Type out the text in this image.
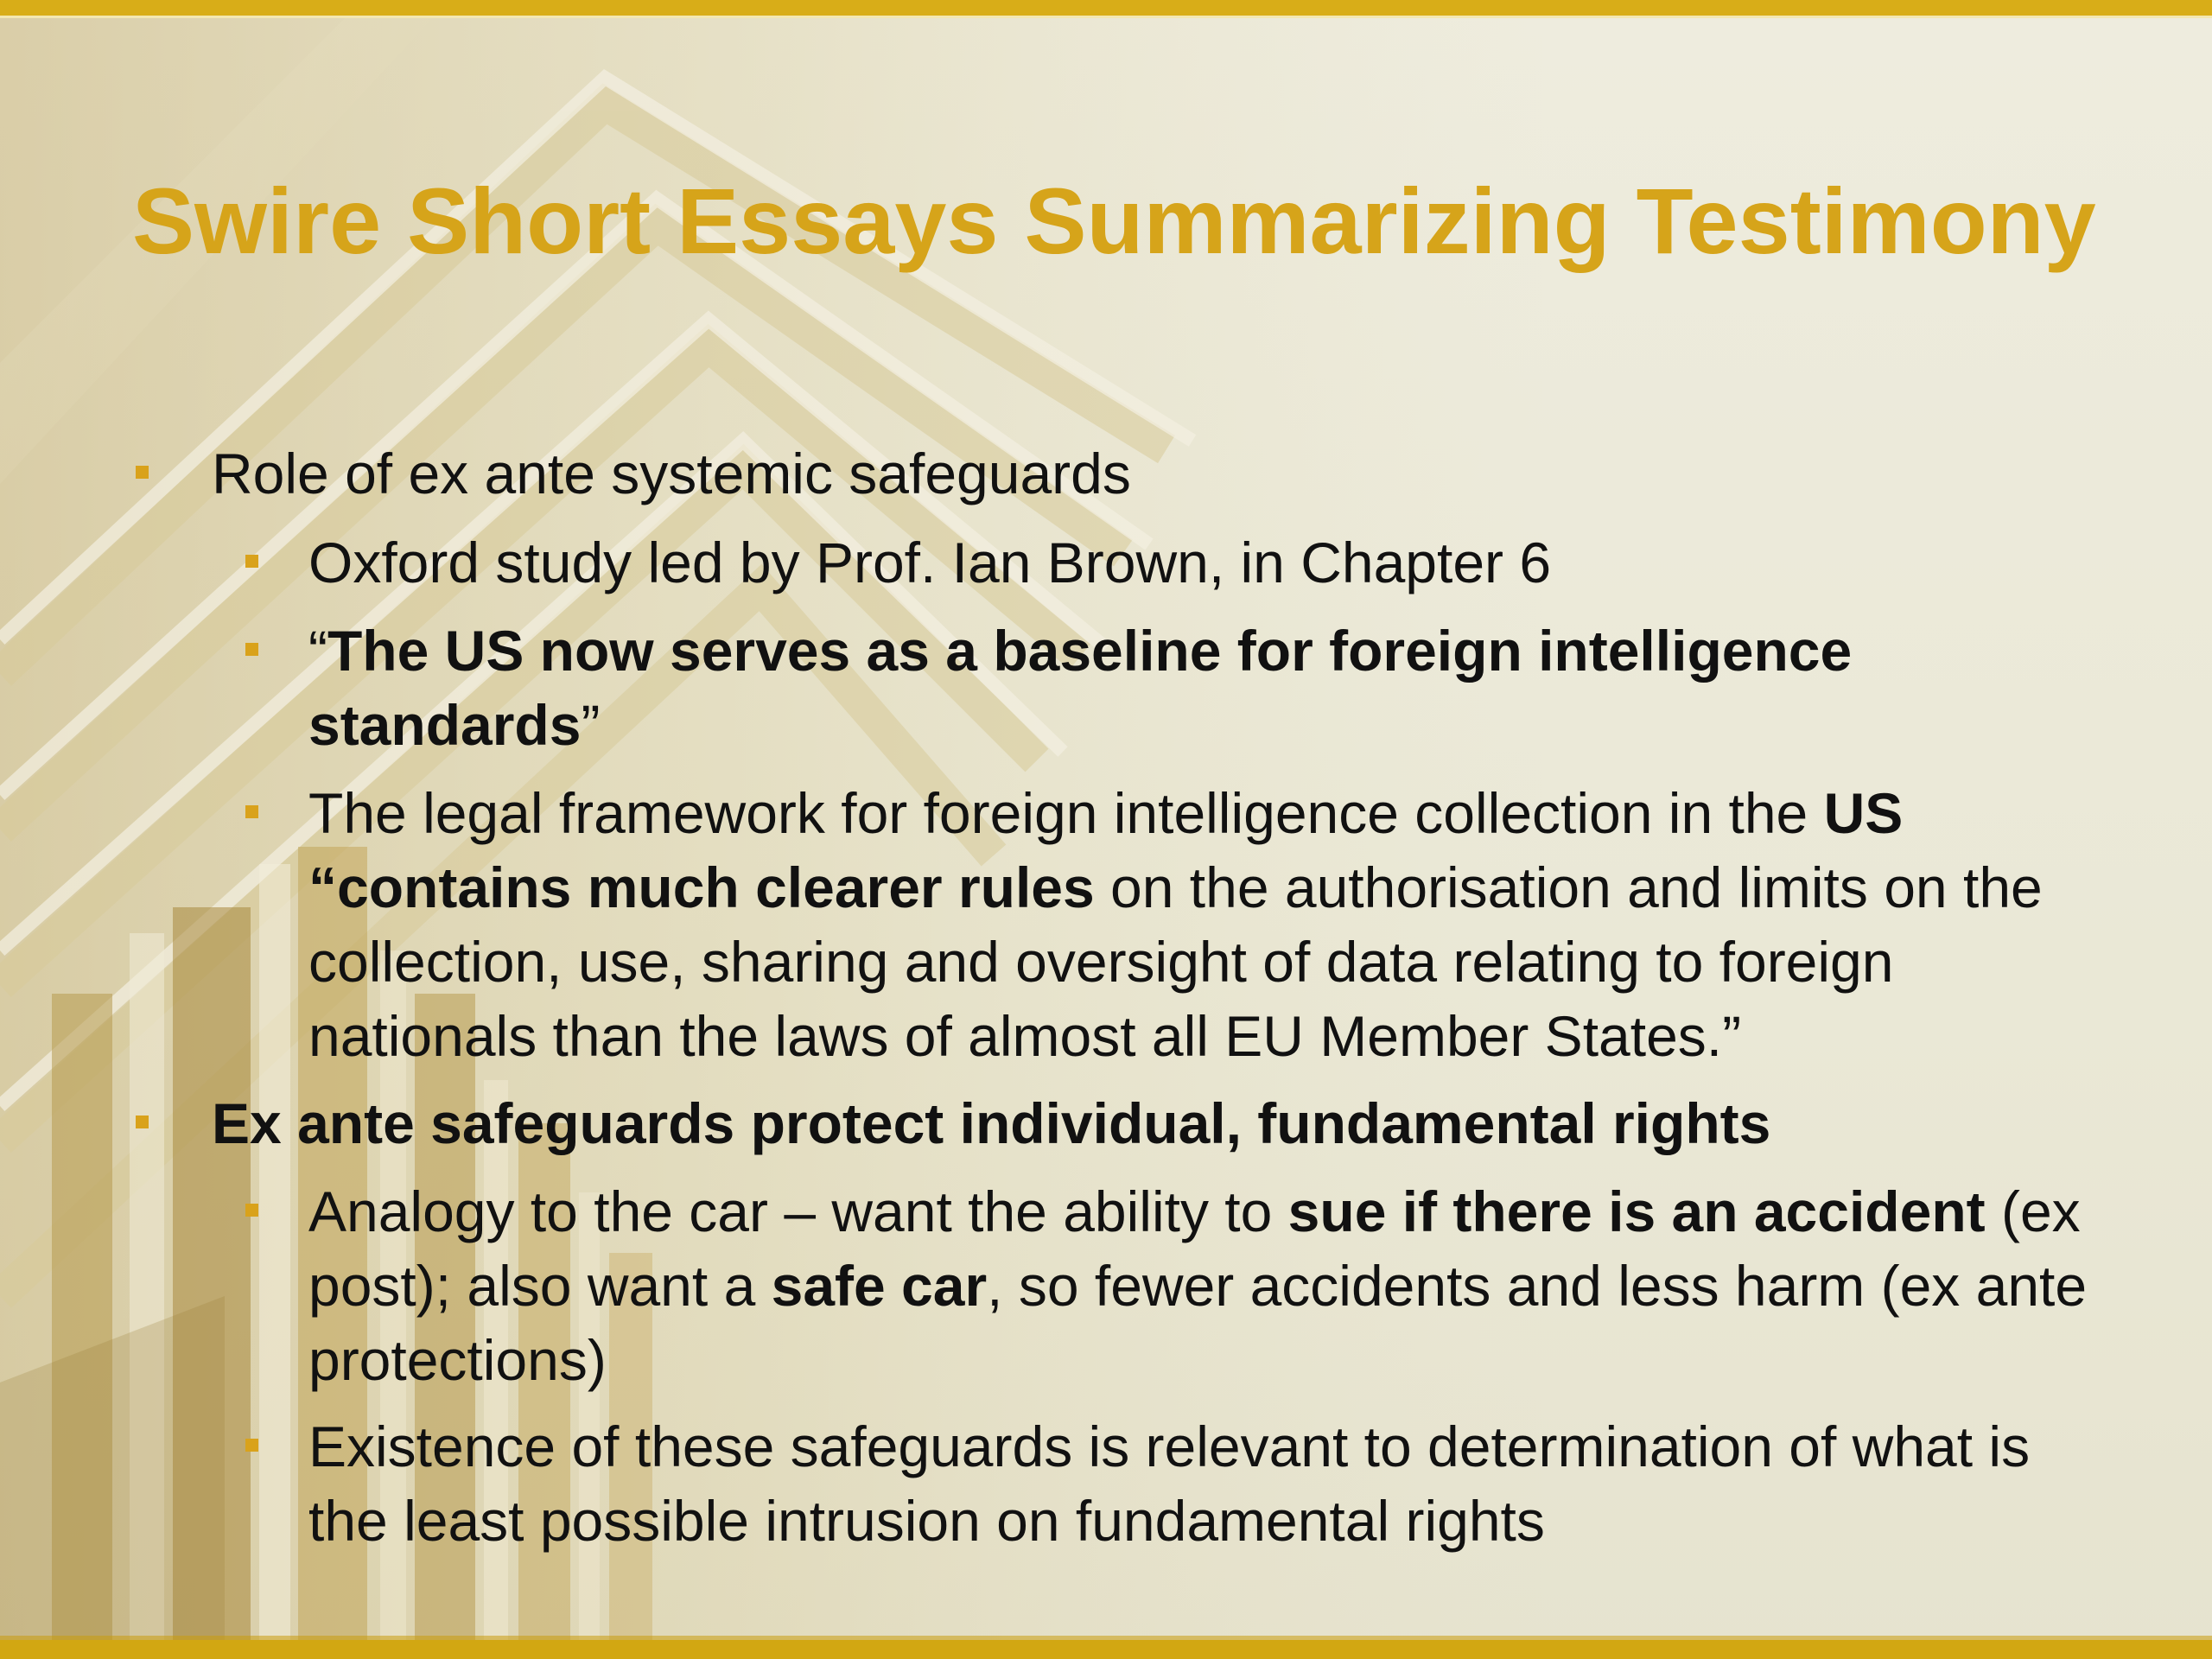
Swire Short Essays Summarizing Testimony

Role of ex ante systemic safeguards

Oxford study led by Prof. Ian Brown, in Chapter 6

“The US now serves as a baseline for foreign intelligence standards”

The legal framework for foreign intelligence collection in the US “contains much clearer rules on the authorisation and limits on the collection, use, sharing and oversight of data relating to foreign nationals than the laws of almost all EU Member States.”

Ex ante safeguards protect individual, fundamental rights

Analogy to the car – want the ability to sue if there is an accident (ex post); also want a safe car, so fewer accidents and less harm (ex ante protections)

Existence of these safeguards is relevant to determination of what is the least possible intrusion on fundamental rights
